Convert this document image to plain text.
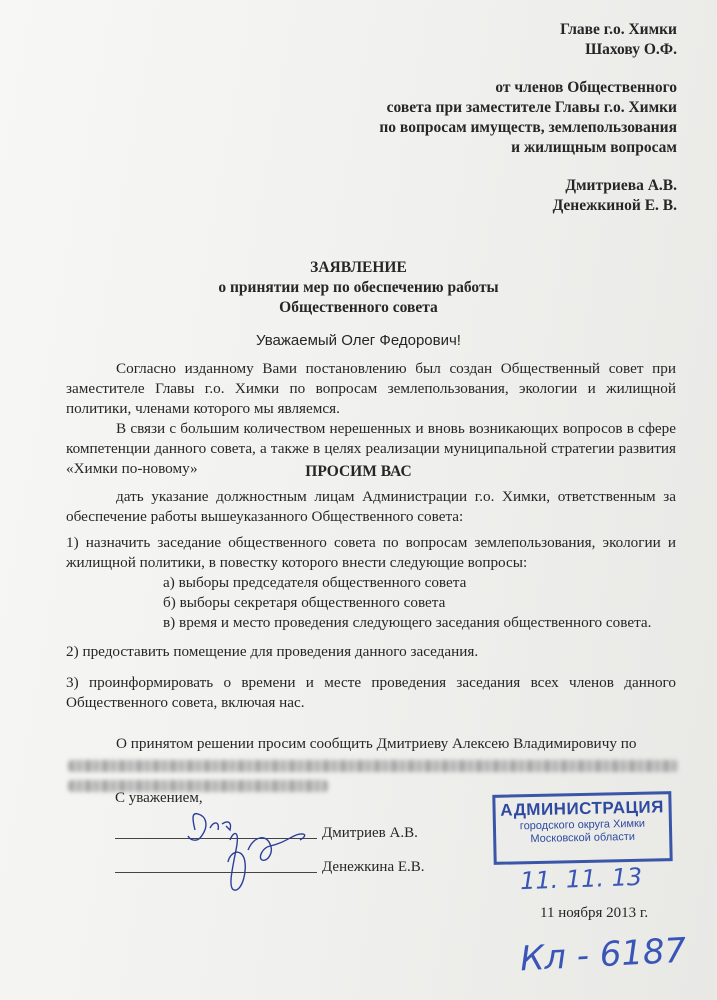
Главе г.о. Химки
Шахову О.Ф.
от членов Общественного
совета при заместителе Главы г.о. Химки
по вопросам имуществ, землепользования
и жилищным вопросам
Дмитриева А.В.
Денежкиной Е. В.
ЗАЯВЛЕНИЕ
о принятии мер по обеспечению работы
Общественного совета
Уважаемый Олег Федорович!
Согласно изданному Вами постановлению был создан Общественный совет при заместителе Главы г.о. Химки по вопросам землепользования, экологии и жилищной политики, членами которого мы являемся.
В связи с большим количеством нерешенных и вновь возникающих вопросов в сфере компетенции данного совета, а также в целях реализации муниципальной стратегии развития «Химки по-новому»	ПРОСИМ ВАС
дать указание должностным лицам Администрации г.о. Химки, ответственным за обеспечение работы вышеуказанного Общественного совета:
1) назначить заседание общественного совета по вопросам землепользования, экологии и жилищной политики, в повестку которого внести следующие вопросы:
а) выборы председателя общественного совета
б) выборы секретаря общественного совета
в) время и место проведения следующего заседания общественного совета.
2) предоставить помещение для проведения данного заседания.
3) проинформировать о времени и месте проведения заседания всех членов данного Общественного совета, включая нас.
О принятом решении просим сообщить Дмитриеву Алексею Владимировичу по
С уважением,
Дмитриев А.В.
Денежкина Е.В.
АДМИНИСТРАЦИЯ
городского округа Химки
Московской области
11. 11. 13
11 ноября 2013 г.
Кл - 6187
